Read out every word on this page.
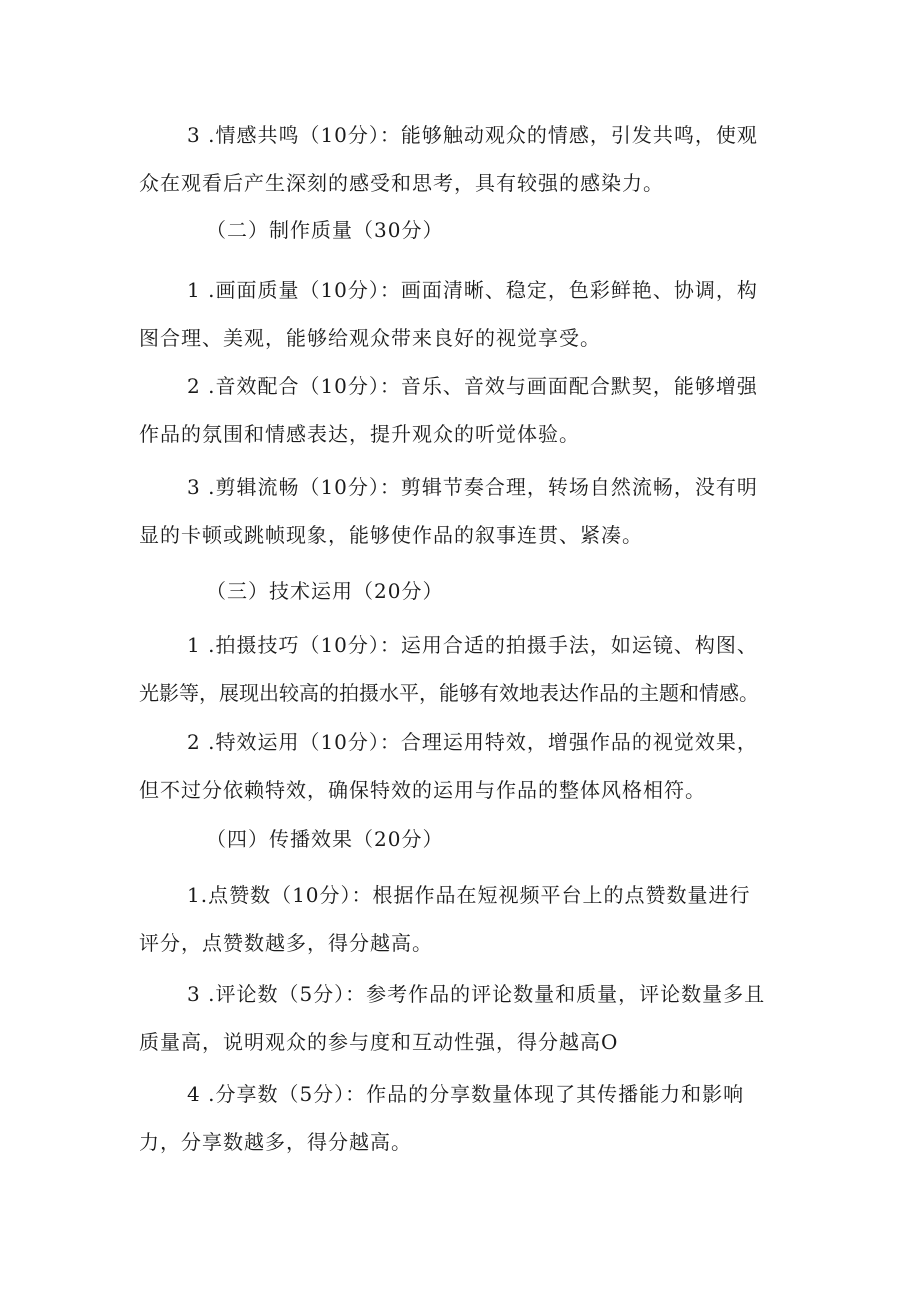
3 .情感共鸣（10分）：能够触动观众的情感，引发共鸣，使观
众在观看后产生深刻的感受和思考，具有较强的感染力。

（二）制作质量（30分）

1 .画面质量（10分）：画面清晰、稳定，色彩鲜艳、协调，构
图合理、美观，能够给观众带来良好的视觉享受。

2 .音效配合（10分）：音乐、音效与画面配合默契，能够增强
作品的氛围和情感表达，提升观众的听觉体验。

3 .剪辑流畅（10分）：剪辑节奏合理，转场自然流畅，没有明
显的卡顿或跳帧现象，能够使作品的叙事连贯、紧凑。

（三）技术运用（20分）

1 .拍摄技巧（10分）：运用合适的拍摄手法，如运镜、构图、
光影等，展现出较高的拍摄水平，能够有效地表达作品的主题和情感。

2 .特效运用（10分）：合理运用特效，增强作品的视觉效果，
但不过分依赖特效，确保特效的运用与作品的整体风格相符。

（四）传播效果（20分）

1.点赞数（10分）：根据作品在短视频平台上的点赞数量进行
评分，点赞数越多，得分越高。

3 .评论数（5分）：参考作品的评论数量和质量，评论数量多且
质量高，说明观众的参与度和互动性强，得分越高O

4 .分享数（5分）：作品的分享数量体现了其传播能力和影响
力，分享数越多，得分越高。
